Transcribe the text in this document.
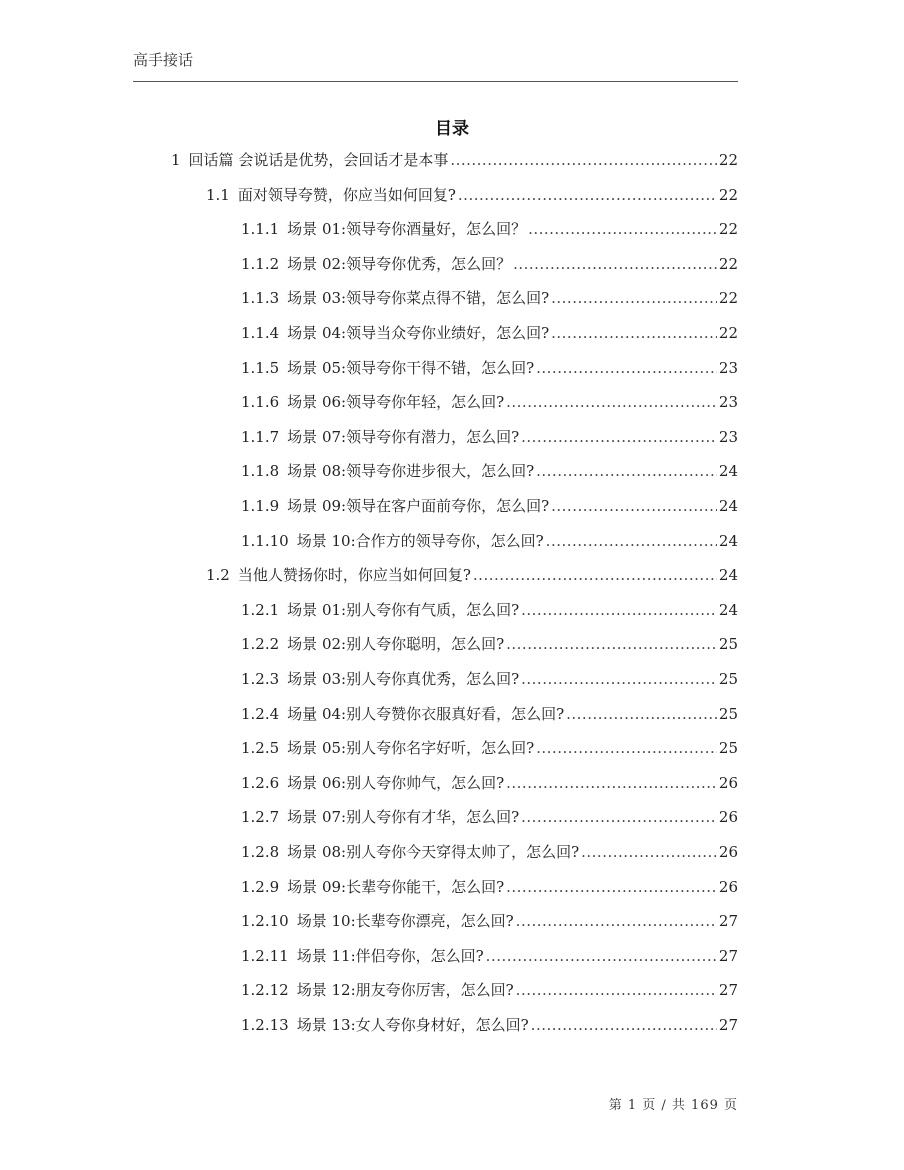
高手接话
目录
1 回话篇 会说话是优势，会回话才是本事 .....	22
1.1 面对领导夸赞，你应当如何回复? .....	22
1.1.1 场景 01:领导夸你酒量好，怎么回？ .....	22
1.1.2 场景 02:领导夸你优秀，怎么回？ .....	22
1.1.3 场景 03:领导夸你菜点得不错，怎么回? .....	22
1.1.4 场景 04:领导当众夸你业绩好，怎么回? .....	22
1.1.5 场景 05:领导夸你干得不错，怎么回? .....	23
1.1.6 场景 06:领导夸你年轻，怎么回? .....	23
1.1.7 场景 07:领导夸你有潜力，怎么回? .....	23
1.1.8 场景 08:领导夸你进步很大，怎么回? .....	24
1.1.9 场景 09:领导在客户面前夸你，怎么回? .....	24
1.1.10 场景 10:合作方的领导夸你，怎么回? .....	24
1.2 当他人赞扬你时，你应当如何回复? .....	24
1.2.1 场景 01:别人夸你有气质，怎么回? .....	24
1.2.2 场景 02:别人夸你聪明，怎么回? .....	25
1.2.3 场景 03:别人夸你真优秀，怎么回? .....	25
1.2.4 场量 04:别人夸赞你衣服真好看，怎么回? .....	25
1.2.5 场景 05:别人夸你名字好听，怎么回? .....	25
1.2.6 场景 06:别人夸你帅气，怎么回? .....	26
1.2.7 场景 07:别人夸你有才华，怎么回? .....	26
1.2.8 场景 08:别人夸你今天穿得太帅了，怎么回? .....	26
1.2.9 场景 09:长辈夸你能干，怎么回? .....	26
1.2.10 场景 10:长辈夸你漂亮，怎么回? .....	27
1.2.11 场景 11:伴侣夸你，怎么回? .....	27
1.2.12 场景 12:朋友夸你厉害，怎么回? .....	27
1.2.13 场景 13:女人夸你身材好，怎么回? .....	27
第 1 页 / 共 169 页
